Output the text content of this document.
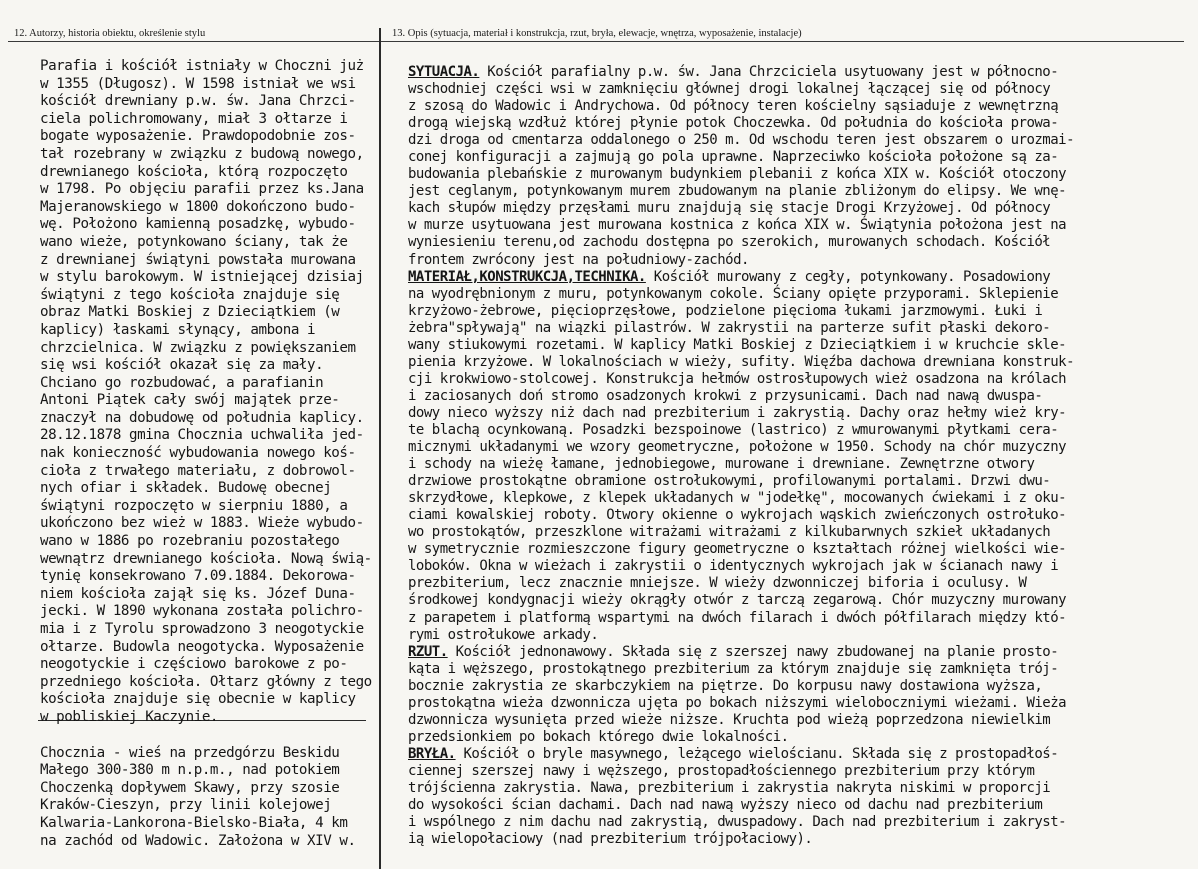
12. Autorzy, historia obiektu, określenie stylu	13. Opis (sytuacja, materiał i konstrukcja, rzut, bryła, elewacje, wnętrza, wyposażenie, instalacje)

Parafia i kościół istniały w Choczni już

w 1355 (Długosz). W 1598 istniał we wsi

kościół drewniany p.w. św. Jana Chrzci-

ciela polichromowany, miał 3 ołtarze i

bogate wyposażenie. Prawdopodobnie zos-

tał rozebrany w związku z budową nowego,

drewnianego kościoła, którą rozpoczęto

w 1798. Po objęciu parafii przez ks.Jana

Majeranowskiego w 1800 dokończono budo-

wę. Położono kamienną posadzkę, wybudo-

wano wieże, potynkowano ściany, tak że

z drewnianej świątyni powstała murowana

w stylu barokowym. W istniejącej dzisiaj

świątyni z tego kościoła znajduje się

obraz Matki Boskiej z Dzieciątkiem (w

kaplicy) łaskami słynący, ambona i

chrzcielnica. W związku z powiększaniem

się wsi kościół okazał się za mały.

Chciano go rozbudować, a parafianin

Antoni Piątek cały swój majątek prze-

znaczył na dobudowę od południa kaplicy.

28.12.1878 gmina Chocznia uchwaliła jed-

nak konieczność wybudowania nowego koś-

cioła z trwałego materiału, z dobrowol-

nych ofiar i składek. Budowę obecnej

świątyni rozpoczęto w sierpniu 1880, a

ukończono bez wież w 1883. Wieże wybudo-

wano w 1886 po rozebraniu pozostałego

wewnątrz drewnianego kościoła. Nową świą-

tynię konsekrowano 7.09.1884. Dekorowa-

niem kościoła zajął się ks. Józef Duna-

jecki. W 1890 wykonana została polichro-

mia i z Tyrolu sprowadzono 3 neogotyckie

ołtarze. Budowla neogotycka. Wyposażenie

neogotyckie i częściowo barokowe z po-

przedniego kościoła. Ołtarz główny z tego

kościoła znajduje się obecnie w kaplicy

w pobliskiej Kaczynie.

Chocznia - wieś na przedgórzu Beskidu

Małego 300-380 m n.p.m., nad potokiem

Choczenką dopływem Skawy, przy szosie

Kraków-Cieszyn, przy linii kolejowej

Kalwaria-Lankorona-Bielsko-Biała, 4 km

na zachód od Wadowic. Założona w XIV w.

SYTUACJA. Kościół parafialny p.w. św. Jana Chrzciciela usytuowany jest w północno-

wschodniej części wsi w zamknięciu głównej drogi lokalnej łączącej się od północy

z szosą do Wadowic i Andrychowa. Od północy teren kościelny sąsiaduje z wewnętrzną

drogą wiejską wzdłuż której płynie potok Choczewka. Od południa do kościoła prowa-

dzi droga od cmentarza oddalonego o 250 m. Od wschodu teren jest obszarem o urozmai-

conej konfiguracji a zajmują go pola uprawne. Naprzeciwko kościoła położone są za-

budowania plebańskie z murowanym budynkiem plebanii z końca XIX w. Kościół otoczony

jest ceglanym, potynkowanym murem zbudowanym na planie zbliżonym do elipsy. We wnę-

kach słupów między przęsłami muru znajdują się stacje Drogi Krzyżowej. Od północy

w murze usytuowana jest murowana kostnica z końca XIX w. Świątynia położona jest na

wyniesieniu terenu,od zachodu dostępna po szerokich, murowanych schodach. Kościół

frontem zwrócony jest na południowy-zachód.

MATERIAŁ,KONSTRUKCJA,TECHNIKA. Kościół murowany z cegły, potynkowany. Posadowiony

na wyodrębnionym z muru, potynkowanym cokole. Ściany opięte przyporami. Sklepienie

krzyżowo-żebrowe, pięcioprzęsłowe, podzielone pięcioma łukami jarzmowymi. Łuki i

żebra"spływają" na wiązki pilastrów. W zakrystii na parterze sufit płaski dekoro-

wany stiukowymi rozetami. W kaplicy Matki Boskiej z Dzieciątkiem i w kruchcie skle-

pienia krzyżowe. W lokalnościach w wieży, sufity. Więźba dachowa drewniana konstruk-

cji krokwiowo-stolcowej. Konstrukcja hełmów ostrosłupowych wież osadzona na królach

i zaciosanych doń stromo osadzonych krokwi z przysunicami. Dach nad nawą dwuspa-

dowy nieco wyższy niż dach nad prezbiterium i zakrystią. Dachy oraz hełmy wież kry-

te blachą ocynkowaną. Posadzki bezspoinowe (lastrico) z wmurowanymi płytkami cera-

micznymi układanymi we wzory geometryczne, położone w 1950. Schody na chór muzyczny

i schody na wieżę łamane, jednobiegowe, murowane i drewniane. Zewnętrzne otwory

drzwiowe prostokątne obramione ostrołukowymi, profilowanymi portalami. Drzwi dwu-

skrzydłowe, klepkowe, z klepek układanych w "jodełkę", mocowanych ćwiekami i z oku-

ciami kowalskiej roboty. Otwory okienne o wykrojach wąskich zwieńczonych ostrołuko-

wo prostokątów, przeszklone witrażami witrażami z kilkubarwnych szkieł układanych

w symetrycznie rozmieszczone figury geometryczne o kształtach różnej wielkości wie-

loboków. Okna w wieżach i zakrystii o identycznych wykrojach jak w ścianach nawy i

prezbiterium, lecz znacznie mniejsze. W wieży dzwonniczej biforia i oculusy. W

środkowej kondygnacji wieży okrągły otwór z tarczą zegarową. Chór muzyczny murowany

z parapetem i platformą wspartymi na dwóch filarach i dwóch półfilarach między któ-

rymi ostrołukowe arkady.

RZUT. Kościół jednonawowy. Składa się z szerszej nawy zbudowanej na planie prosto-

kąta i węższego, prostokątnego prezbiterium za którym znajduje się zamknięta trój-

bocznie zakrystia ze skarbczykiem na piętrze. Do korpusu nawy dostawiona wyższa,

prostokątna wieża dzwonnicza ujęta po bokach niższymi wieloboczniymi wieżami. Wieża

dzwonnicza wysunięta przed wieże niższe. Kruchta pod wieżą poprzedzona niewielkim

przedsionkiem po bokach którego dwie lokalności.

BRYŁA. Kościół o bryle masywnego, leżącego wielościanu. Składa się z prostopadłoś-

ciennej szerszej nawy i węższego, prostopadłościennego prezbiterium przy którym

trójścienna zakrystia. Nawa, prezbiterium i zakrystia nakryta niskimi w proporcji

do wysokości ścian dachami. Dach nad nawą wyższy nieco od dachu nad prezbiterium

i wspólnego z nim dachu nad zakrystią, dwuspadowy. Dach nad prezbiterium i zakryst-

ią wielopołaciowy (nad prezbiterium trójpołaciowy).
